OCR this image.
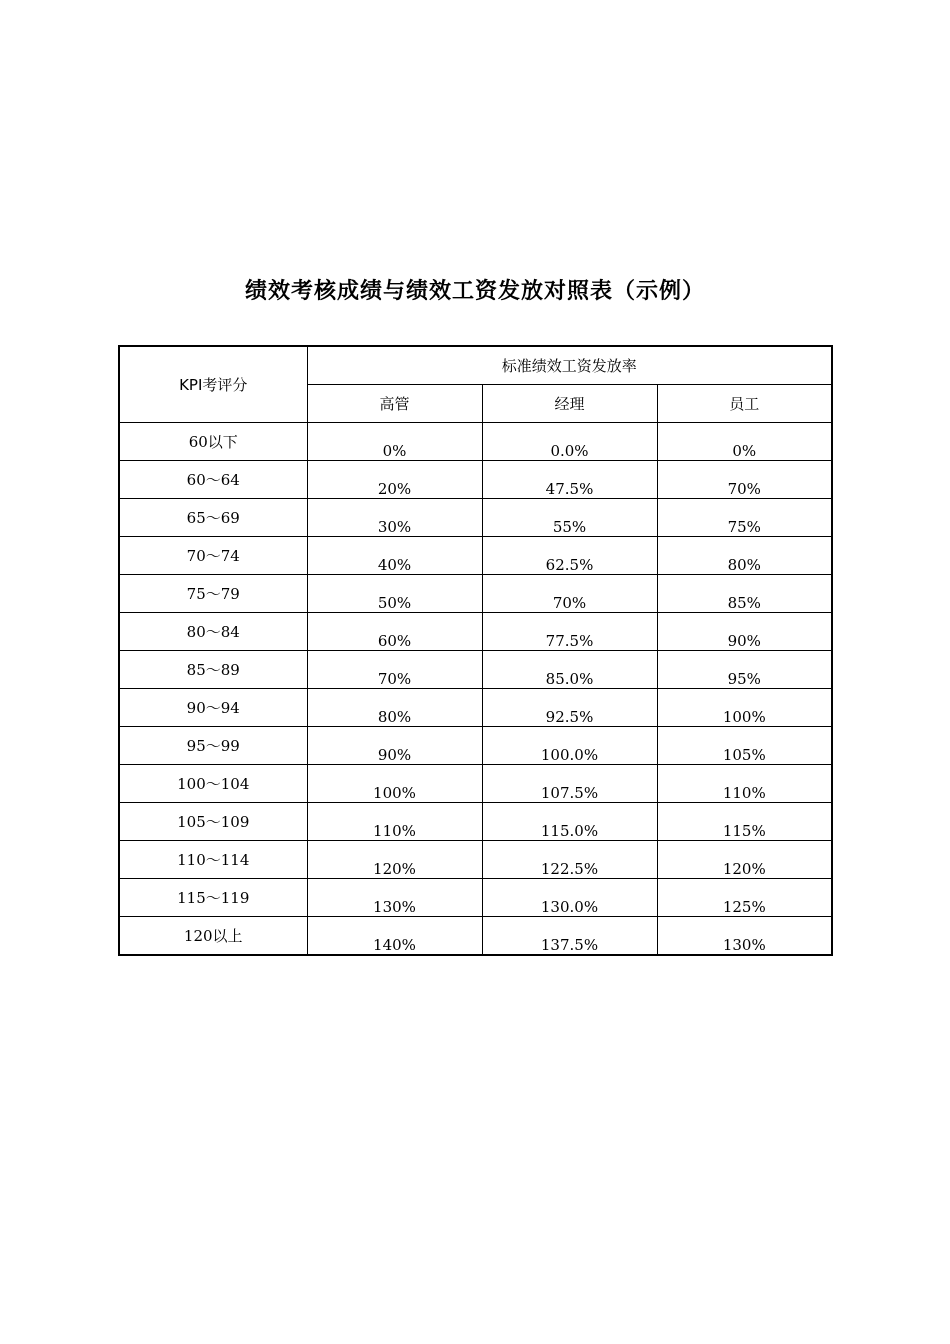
绩效考核成绩与绩效工资发放对照表（示例）
KPI考评分	标准绩效工资发放率		
	高管	经理	员工
60以下	0%	0.0%	0%
60～64	20%	47.5%	70%
65～69	30%	55%	75%
70～74	40%	62.5%	80%
75～79	50%	70%	85%
80～84	60%	77.5%	90%
85～89	70%	85.0%	95%
90～94	80%	92.5%	100%
95～99	90%	100.0%	105%
100～104	100%	107.5%	110%
105～109	110%	115.0%	115%
110～114	120%	122.5%	120%
115～119	130%	130.0%	125%
120以上	140%	137.5%	130%
